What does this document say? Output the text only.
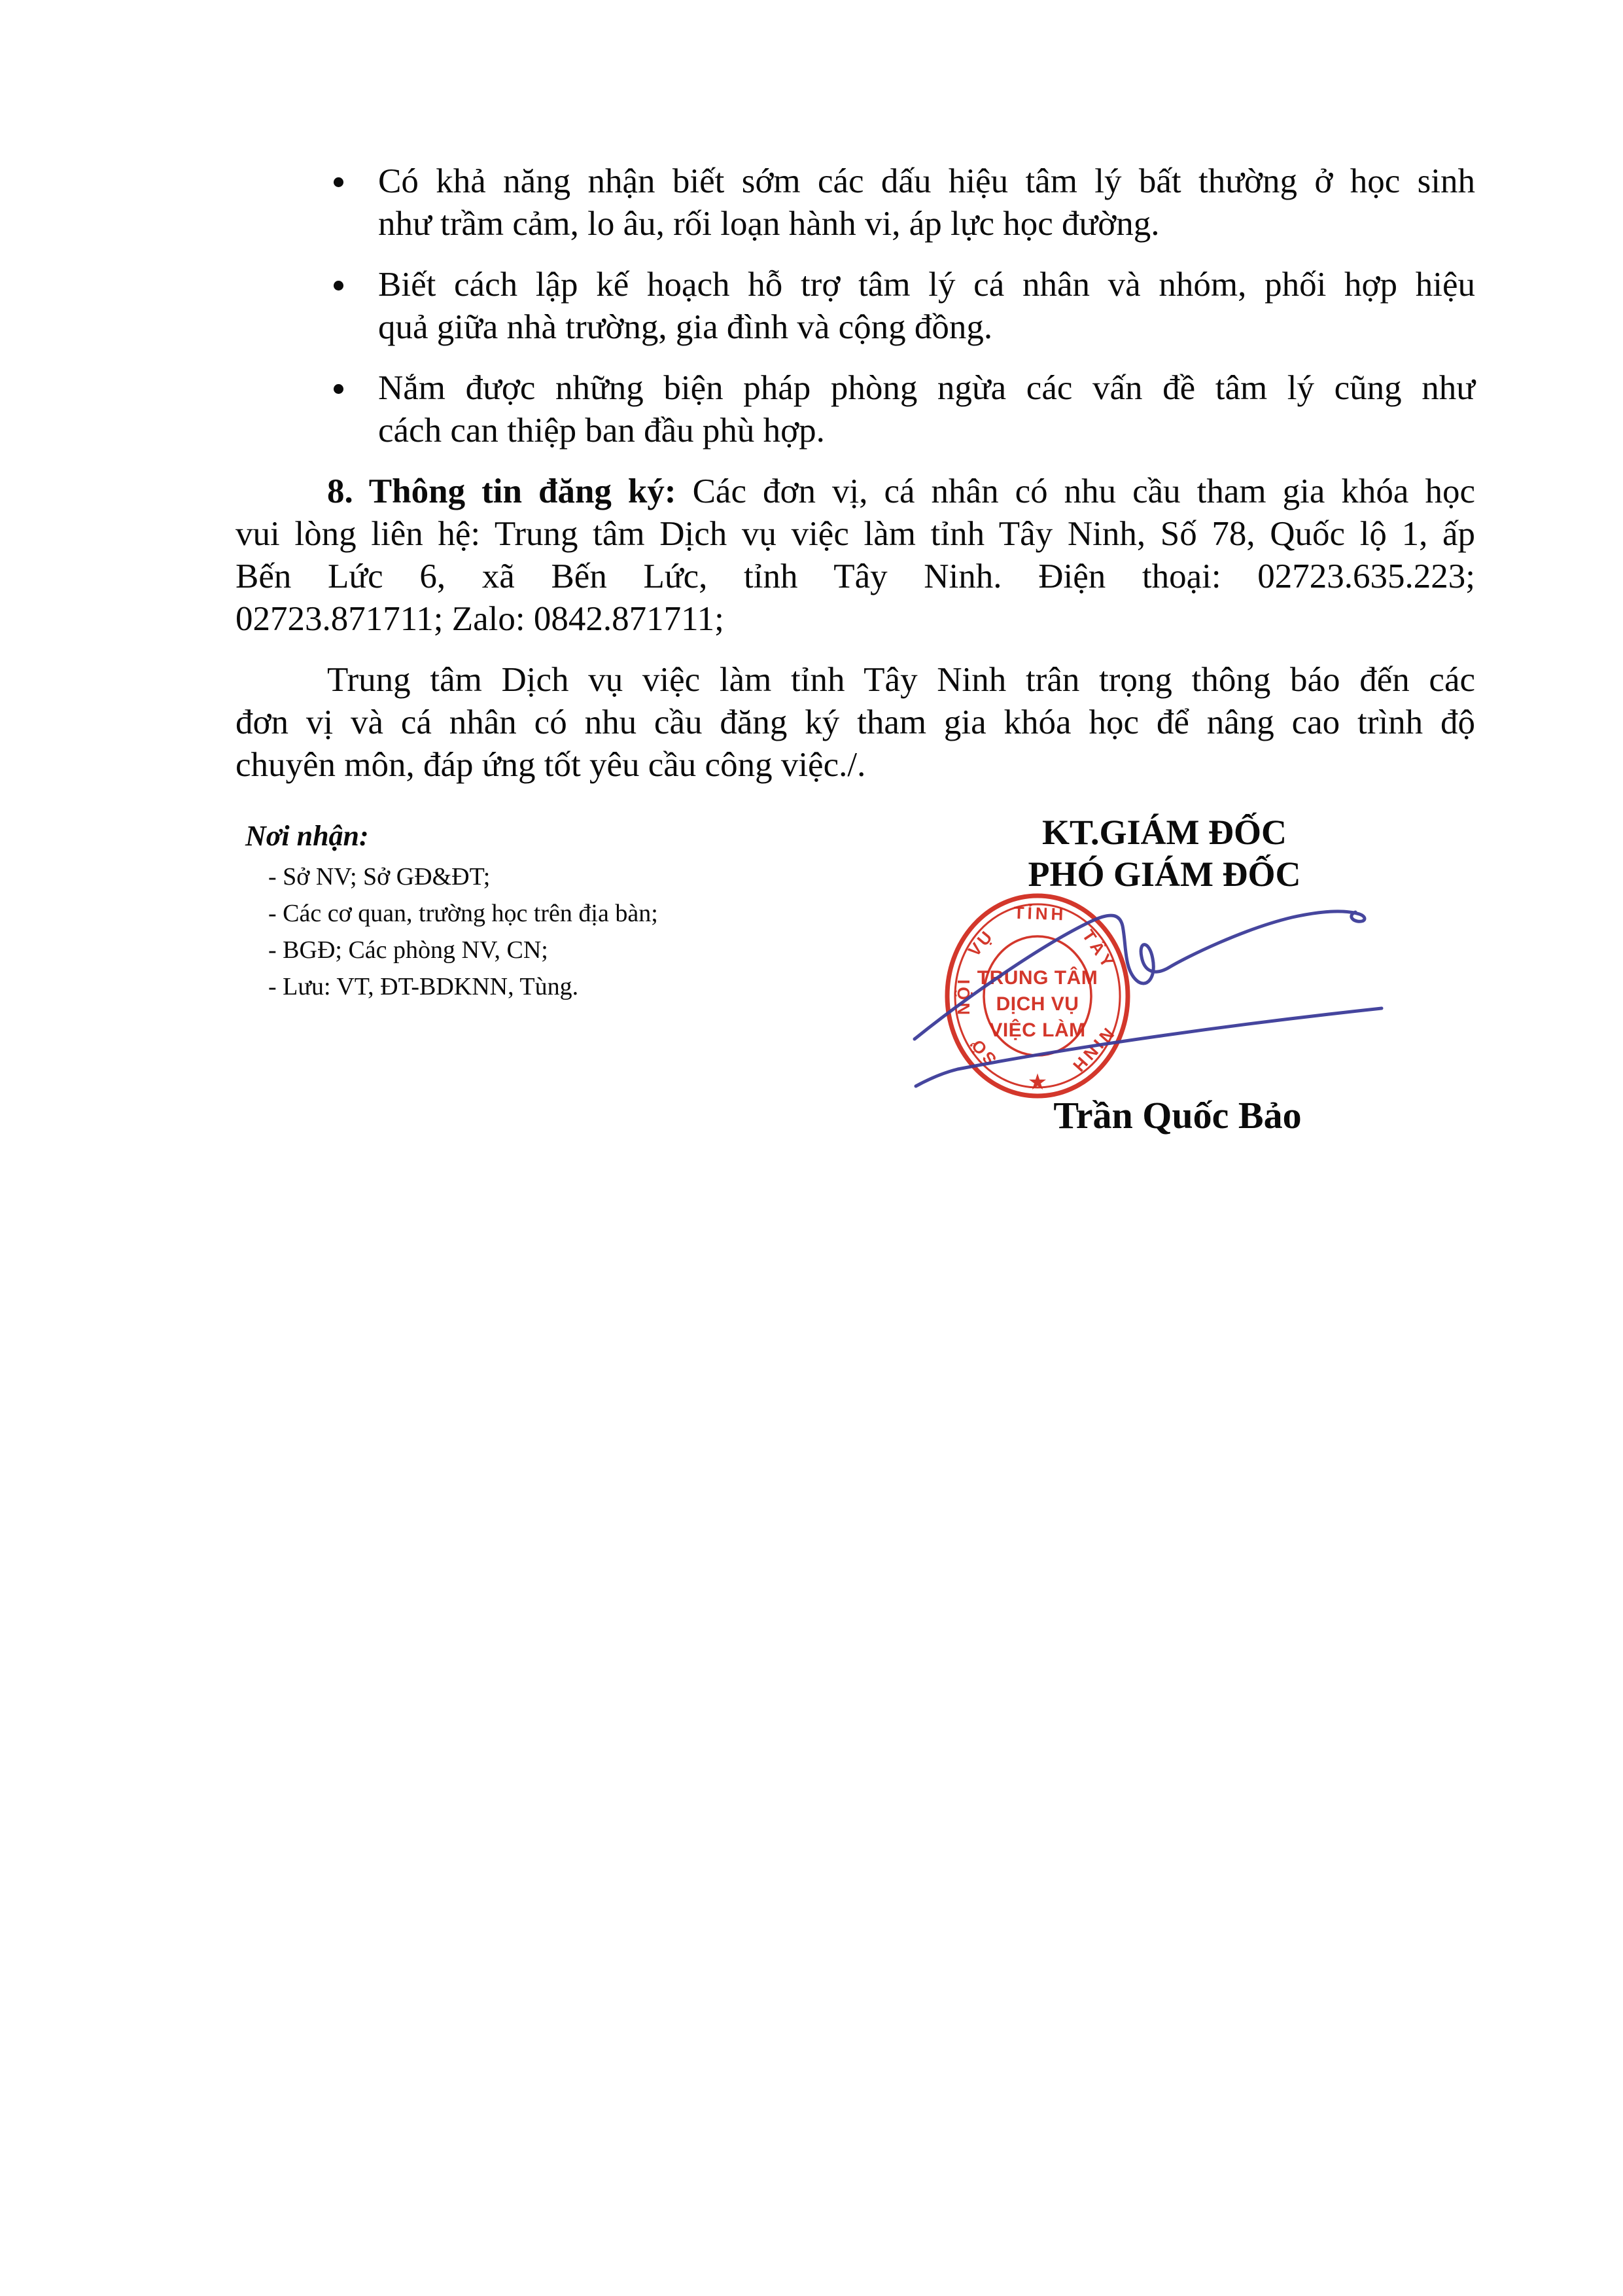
Có khả năng nhận biết sớm các dấu hiệu tâm lý bất thường ở học sinh
như trầm cảm, lo âu, rối loạn hành vi, áp lực học đường.
Biết cách lập kế hoạch hỗ trợ tâm lý cá nhân và nhóm, phối hợp hiệu
quả giữa nhà trường, gia đình và cộng đồng.
Nắm được những biện pháp phòng ngừa các vấn đề tâm lý cũng như
cách can thiệp ban đầu phù hợp.
8. Thông tin đăng ký: Các đơn vị, cá nhân có nhu cầu tham gia khóa học
vui lòng liên hệ: Trung tâm Dịch vụ việc làm tỉnh Tây Ninh, Số 78, Quốc lộ 1, ấp
Bến Lức 6, xã Bến Lức, tỉnh Tây Ninh. Điện thoại: 02723.635.223;
02723.871711; Zalo: 0842.871711;
Trung tâm Dịch vụ việc làm tỉnh Tây Ninh trân trọng thông báo đến các
đơn vị và cá nhân có nhu cầu đăng ký tham gia khóa học để nâng cao trình độ
chuyên môn, đáp ứng tốt yêu cầu công việc./.
Nơi nhận:
- Sở NV; Sở GĐ&ĐT;
- Các cơ quan, trường học trên địa bàn;
- BGĐ; Các phòng NV, CN;
- Lưu: VT, ĐT-BDKNN, Tùng.
KT.GIÁM ĐỐC
PHÓ GIÁM ĐỐC
TỈNH
TÂY
NINH
SỞ
NỘI
VỤ
TRUNG TÂM
DỊCH VỤ
VIỆC LÀM
★
Trần Quốc Bảo
